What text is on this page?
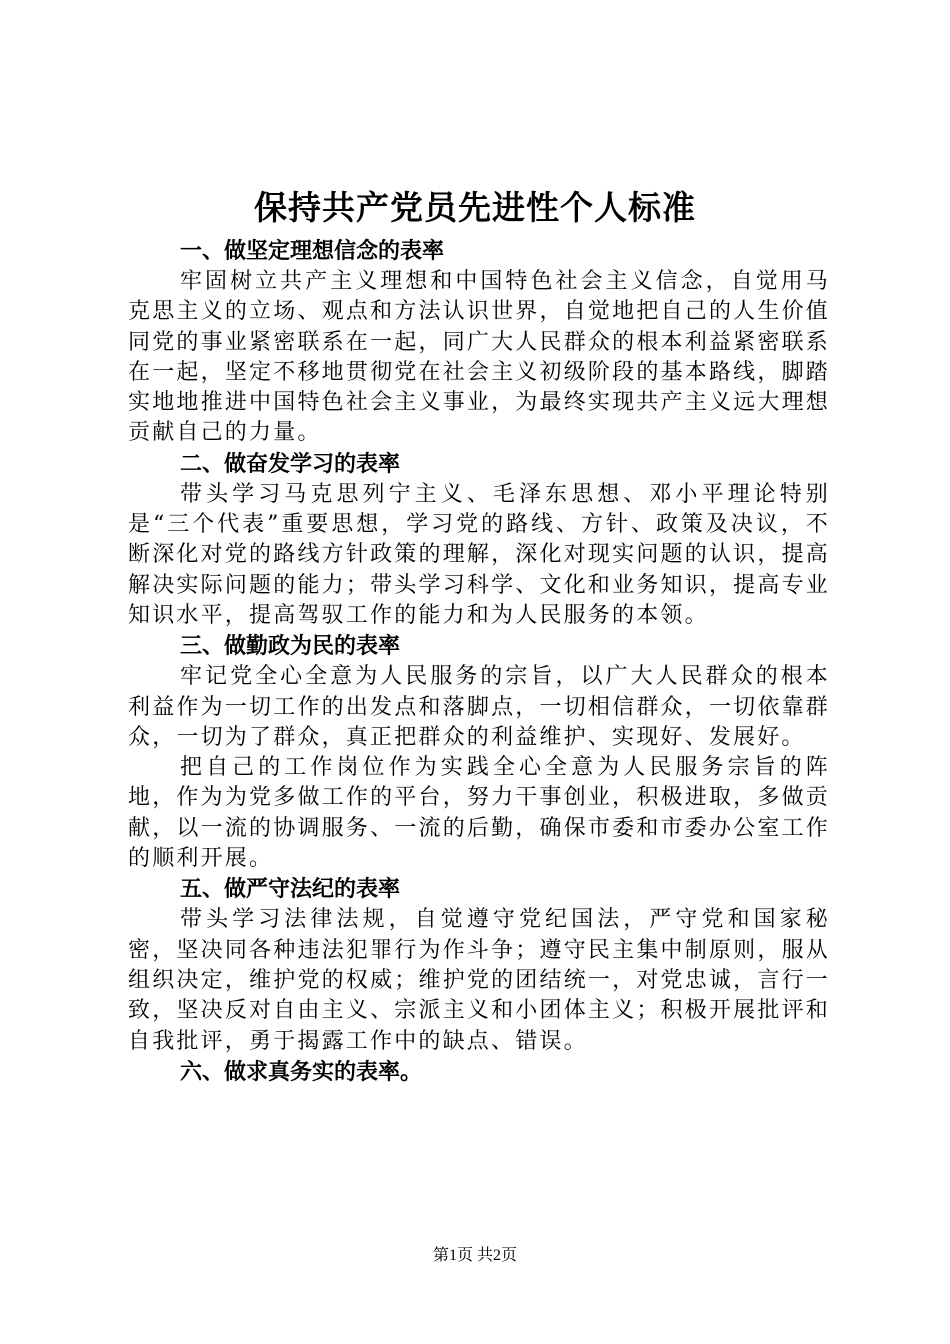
保持共产党员先进性个人标准
一、做坚定理想信念的表率

牢固树立共产主义理想和中国特色社会主义信念，自觉用马克思主义的立场、观点和方法认识世界，自觉地把自己的人生价值同党的事业紧密联系在一起，同广大人民群众的根本利益紧密联系在一起，坚定不移地贯彻党在社会主义初级阶段的基本路线，脚踏实地地推进中国特色社会主义事业，为最终实现共产主义远大理想贡献自己的力量。

二、做奋发学习的表率

带头学习马克思列宁主义、毛泽东思想、邓小平理论特别是“三个代表”重要思想，学习党的路线、方针、政策及决议，不断深化对党的路线方针政策的理解，深化对现实问题的认识，提高解决实际问题的能力；带头学习科学、文化和业务知识，提高专业知识水平，提高驾驭工作的能力和为人民服务的本领。

三、做勤政为民的表率

牢记党全心全意为人民服务的宗旨，以广大人民群众的根本利益作为一切工作的出发点和落脚点，一切相信群众，一切依靠群众，一切为了群众，真正把群众的利益维护、实现好、发展好。

把自己的工作岗位作为实践全心全意为人民服务宗旨的阵地，作为为党多做工作的平台，努力干事创业，积极进取，多做贡献，以一流的协调服务、一流的后勤，确保市委和市委办公室工作的顺利开展。

五、做严守法纪的表率

带头学习法律法规，自觉遵守党纪国法，严守党和国家秘密，坚决同各种违法犯罪行为作斗争；遵守民主集中制原则，服从组织决定，维护党的权威；维护党的团结统一，对党忠诚，言行一致，坚决反对自由主义、宗派主义和小团体主义；积极开展批评和自我批评，勇于揭露工作中的缺点、错误。

六、做求真务实的表率。
第1页 共2页
